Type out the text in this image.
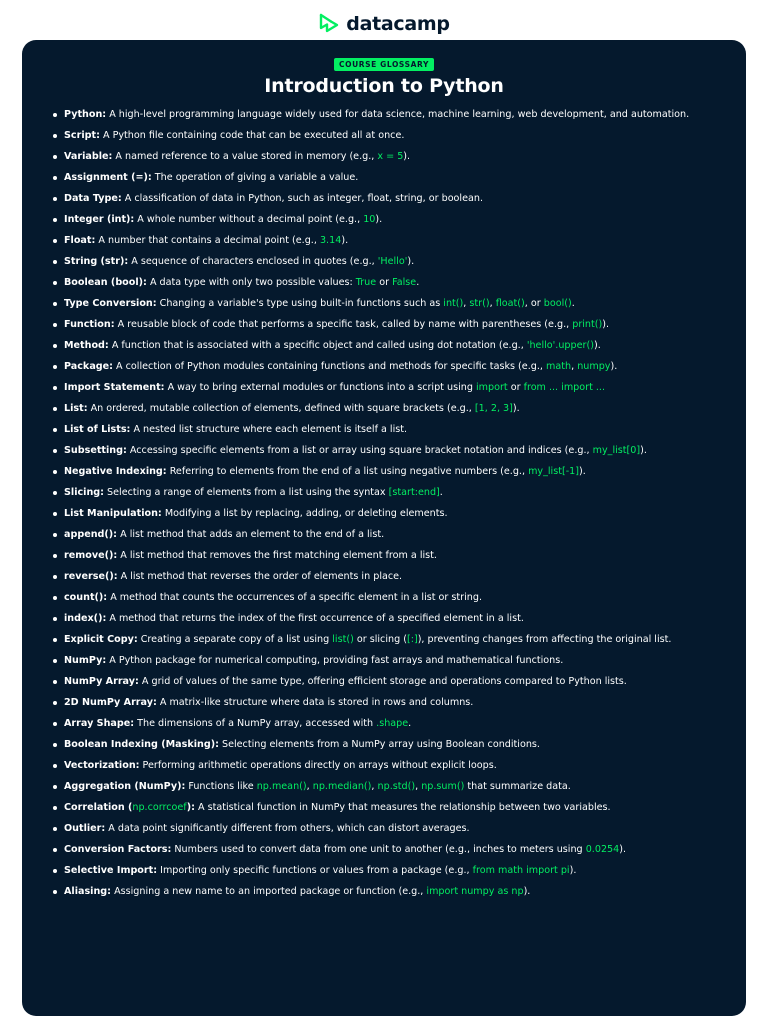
datacamp
COURSE GLOSSARY
Introduction to Python
Python: A high-level programming language widely used for data science, machine learning, web development, and automation.
Script: A Python file containing code that can be executed all at once.
Variable: A named reference to a value stored in memory (e.g., x = 5).
Assignment (=): The operation of giving a variable a value.
Data Type: A classification of data in Python, such as integer, float, string, or boolean.
Integer (int): A whole number without a decimal point (e.g., 10).
Float: A number that contains a decimal point (e.g., 3.14).
String (str): A sequence of characters enclosed in quotes (e.g., 'Hello').
Boolean (bool): A data type with only two possible values: True or False.
Type Conversion: Changing a variable's type using built-in functions such as int(), str(), float(), or bool().
Function: A reusable block of code that performs a specific task, called by name with parentheses (e.g., print()).
Method: A function that is associated with a specific object and called using dot notation (e.g., 'hello'.upper()).
Package: A collection of Python modules containing functions and methods for specific tasks (e.g., math, numpy).
Import Statement: A way to bring external modules or functions into a script using import or from ... import ...
List: An ordered, mutable collection of elements, defined with square brackets (e.g., [1, 2, 3]).
List of Lists: A nested list structure where each element is itself a list.
Subsetting: Accessing specific elements from a list or array using square bracket notation and indices (e.g., my_list[0]).
Negative Indexing: Referring to elements from the end of a list using negative numbers (e.g., my_list[-1]).
Slicing: Selecting a range of elements from a list using the syntax [start:end].
List Manipulation: Modifying a list by replacing, adding, or deleting elements.
append(): A list method that adds an element to the end of a list.
remove(): A list method that removes the first matching element from a list.
reverse(): A list method that reverses the order of elements in place.
count(): A method that counts the occurrences of a specific element in a list or string.
index(): A method that returns the index of the first occurrence of a specified element in a list.
Explicit Copy: Creating a separate copy of a list using list() or slicing ([:]), preventing changes from affecting the original list.
NumPy: A Python package for numerical computing, providing fast arrays and mathematical functions.
NumPy Array: A grid of values of the same type, offering efficient storage and operations compared to Python lists.
2D NumPy Array: A matrix-like structure where data is stored in rows and columns.
Array Shape: The dimensions of a NumPy array, accessed with .shape.
Boolean Indexing (Masking): Selecting elements from a NumPy array using Boolean conditions.
Vectorization: Performing arithmetic operations directly on arrays without explicit loops.
Aggregation (NumPy): Functions like np.mean(), np.median(), np.std(), np.sum() that summarize data.
Correlation (np.corrcoef): A statistical function in NumPy that measures the relationship between two variables.
Outlier: A data point significantly different from others, which can distort averages.
Conversion Factors: Numbers used to convert data from one unit to another (e.g., inches to meters using 0.0254).
Selective Import: Importing only specific functions or values from a package (e.g., from math import pi).
Aliasing: Assigning a new name to an imported package or function (e.g., import numpy as np).
